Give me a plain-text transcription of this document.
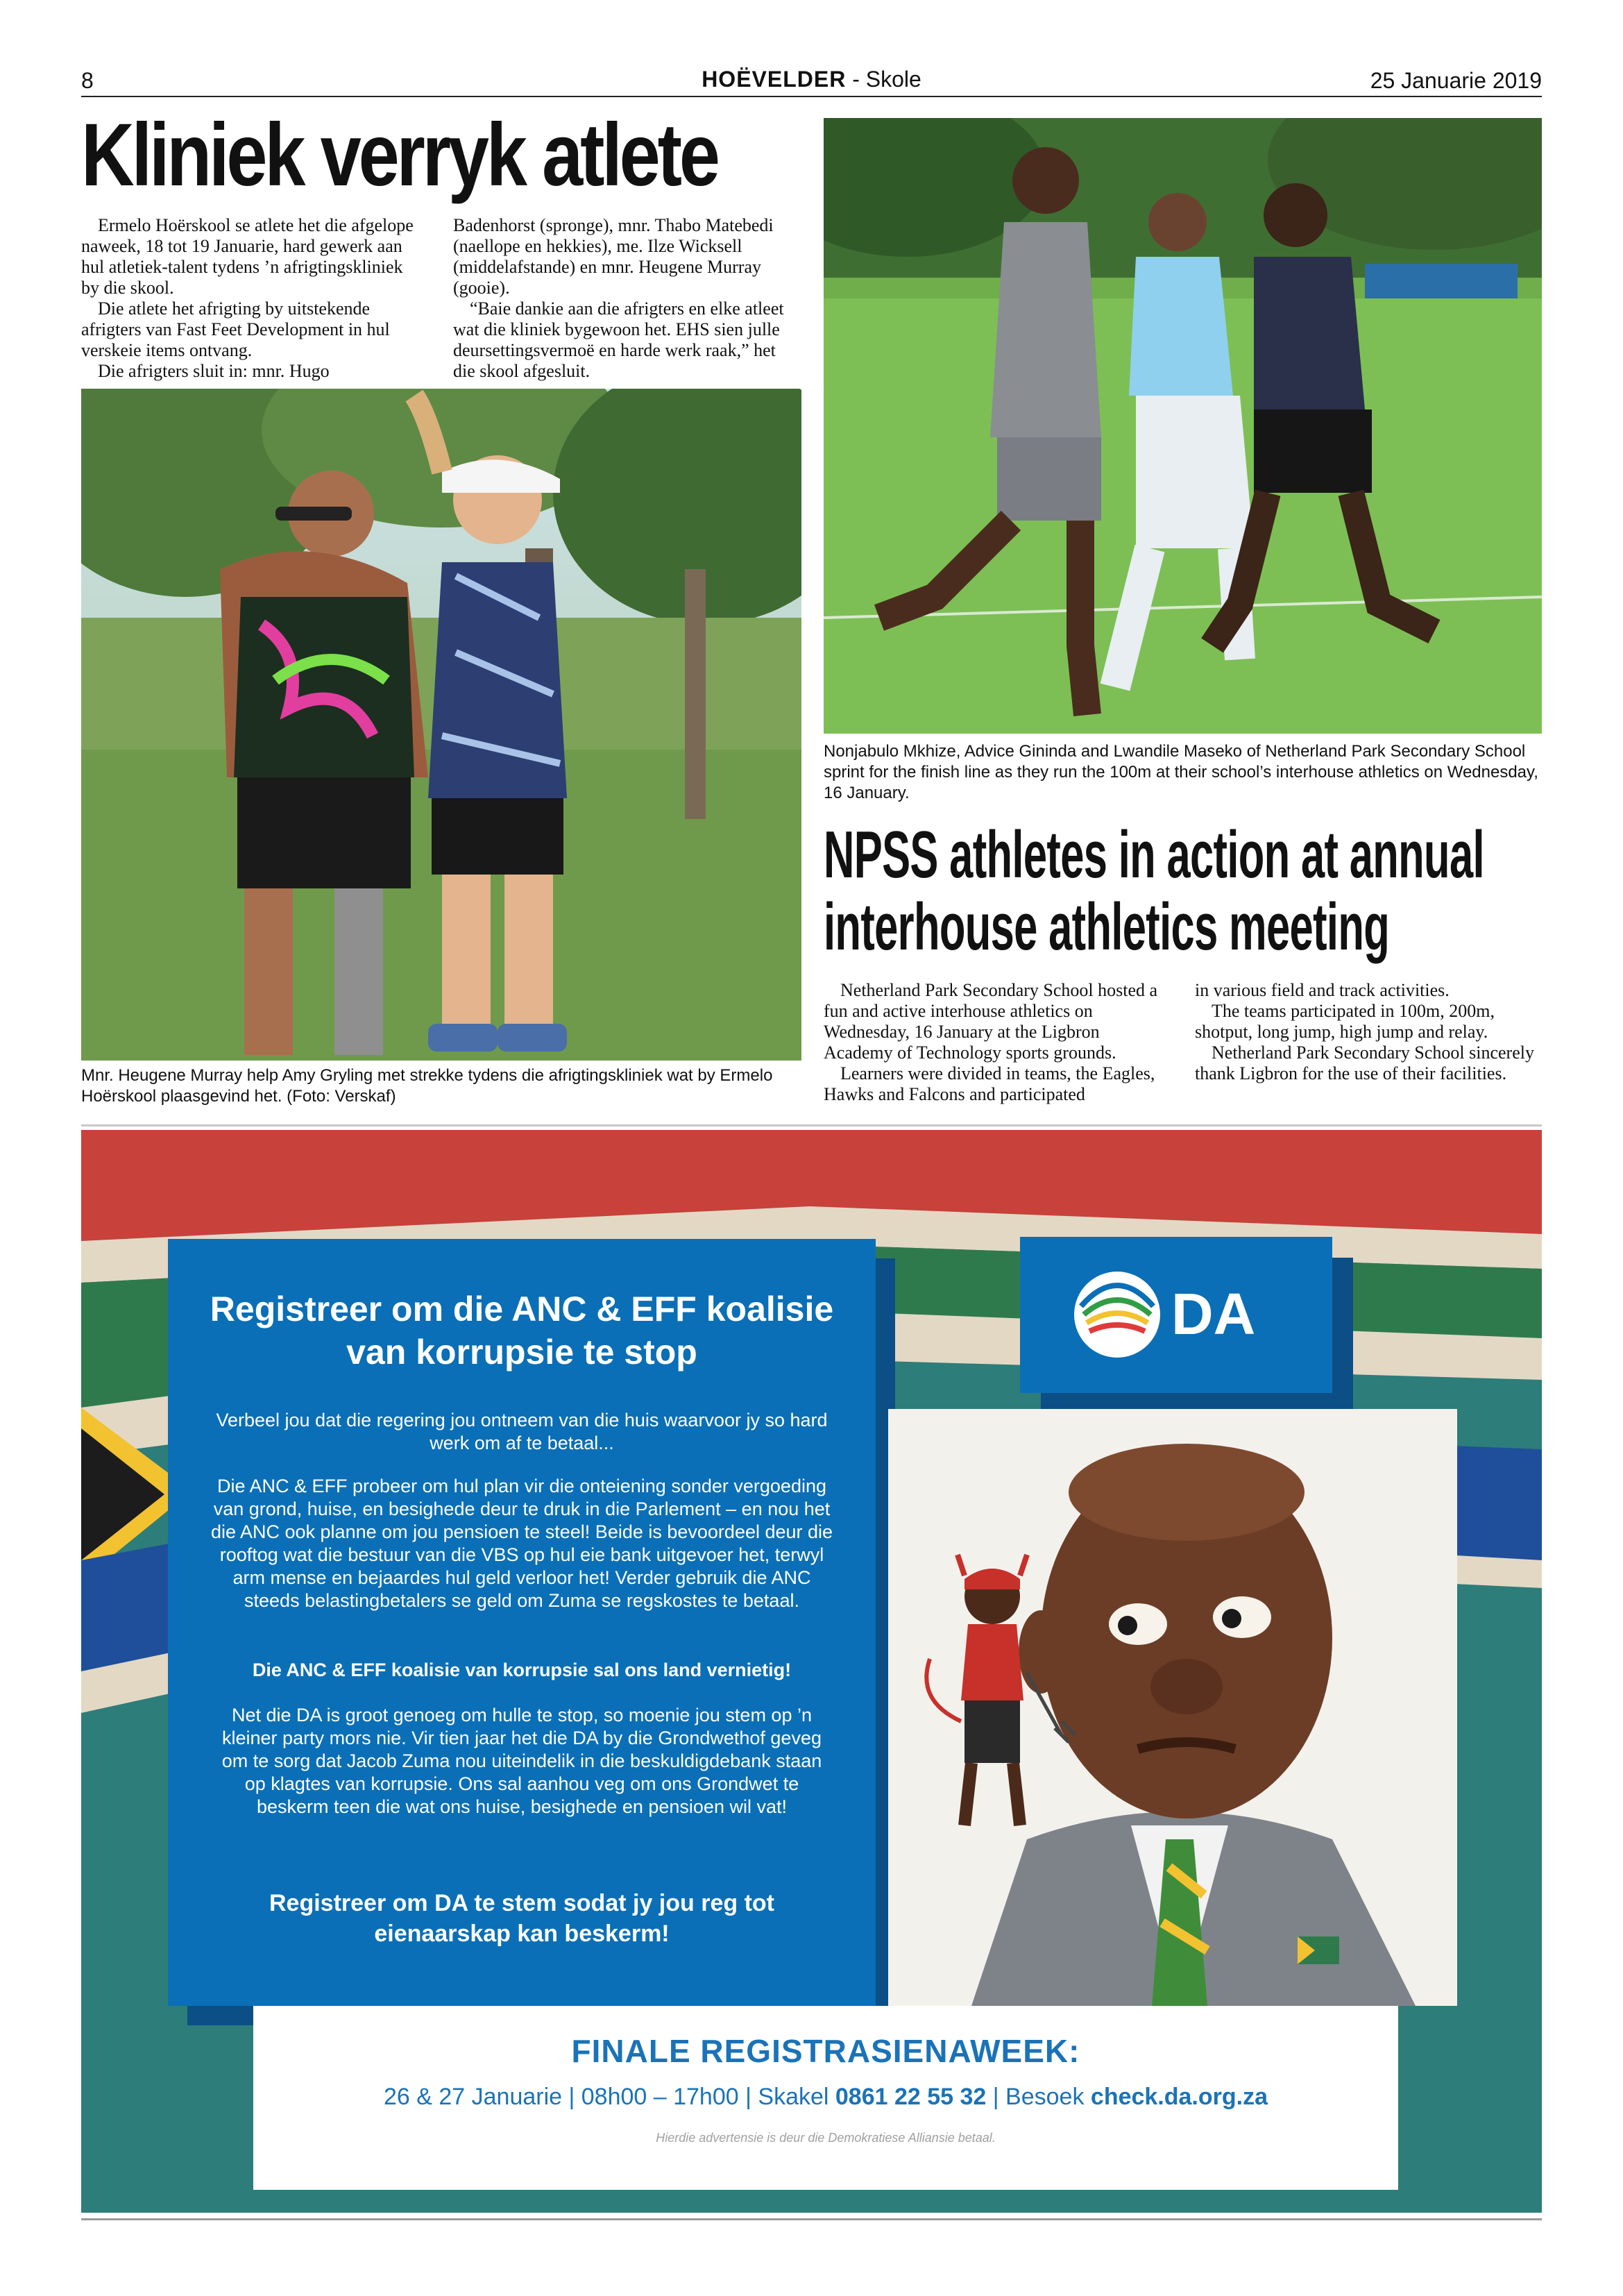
8	HOËVELDER - Skole	25 Januarie 2019
Kliniek verryk atlete

Ermelo Hoërskool se atlete het die afgelope naweek, 18 tot 19 Januarie, hard gewerk aan hul atletiek-talent tydens ’n afrigtingskliniek by die skool.

Die atlete het afrigting by uitstekende afrigters van Fast Feet Development in hul verskeie items ontvang.

Die afrigters sluit in: mnr. Hugo

Badenhorst (spronge), mnr. Thabo Matebedi (naellope en hekkies), me. Ilze Wicksell (middelafstande) en mnr. Heugene Murray (gooie).

“Baie dankie aan die afrigters en elke atleet wat die kliniek bygewoon het. EHS sien julle deursettingsvermoë en harde werk raak,” het die skool afgesluit.

Mnr. Heugene Murray help Amy Gryling met strekke tydens die afrigtingskliniek wat by Ermelo Hoërskool plaasgevind het. (Foto: Verskaf)
Nonjabulo Mkhize, Advice Gininda and Lwandile Maseko of Netherland Park Secondary School sprint for the finish line as they run the 100m at their school’s interhouse athletics on Wednesday, 16 January.
NPSS athletes in action at annual
interhouse athletics meeting

Netherland Park Secondary School hosted a fun and active interhouse athletics on Wednesday, 16 January at the Ligbron Academy of Technology sports grounds.

Learners were divided in teams, the Eagles, Hawks and Falcons and participated

in various field and track activities.

The teams participated in 100m, 200m, shotput, long jump, high jump and relay.

Netherland Park Secondary School sincerely thank Ligbron for the use of their facilities.

Registreer om die ANC & EFF koalisie van korrupsie te stop
Verbeel jou dat die regering jou ontneem van die huis waarvoor jy so hard werk om af te betaal...
Die ANC & EFF probeer om hul plan vir die onteiening sonder vergoeding van grond, huise, en besighede deur te druk in die Parlement – en nou het die ANC ook planne om jou pensioen te steel! Beide is bevoordeel deur die rooftog wat die bestuur van die VBS op hul eie bank uitgevoer het, terwyl arm mense en bejaardes hul geld verloor het! Verder gebruik die ANC steeds belastingbetalers se geld om Zuma se regskostes te betaal.
Die ANC & EFF koalisie van korrupsie sal ons land vernietig!
Net die DA is groot genoeg om hulle te stop, so moenie jou stem op ’n kleiner party mors nie. Vir tien jaar het die DA by die Grondwethof geveg om te sorg dat Jacob Zuma nou uiteindelik in die beskuldigdebank staan op klagtes van korrupsie. Ons sal aanhou veg om ons Grondwet te beskerm teen die wat ons huise, besighede en pensioen wil vat!
Registreer om DA te stem sodat jy jou reg tot eienaarskap kan beskerm!
DA
FINALE REGISTRASIENAWEEK:
26 & 27 Januarie | 08h00 – 17h00 | Skakel 0861 22 55 32 | Besoek check.da.org.za
Hierdie advertensie is deur die Demokratiese Alliansie betaal.
